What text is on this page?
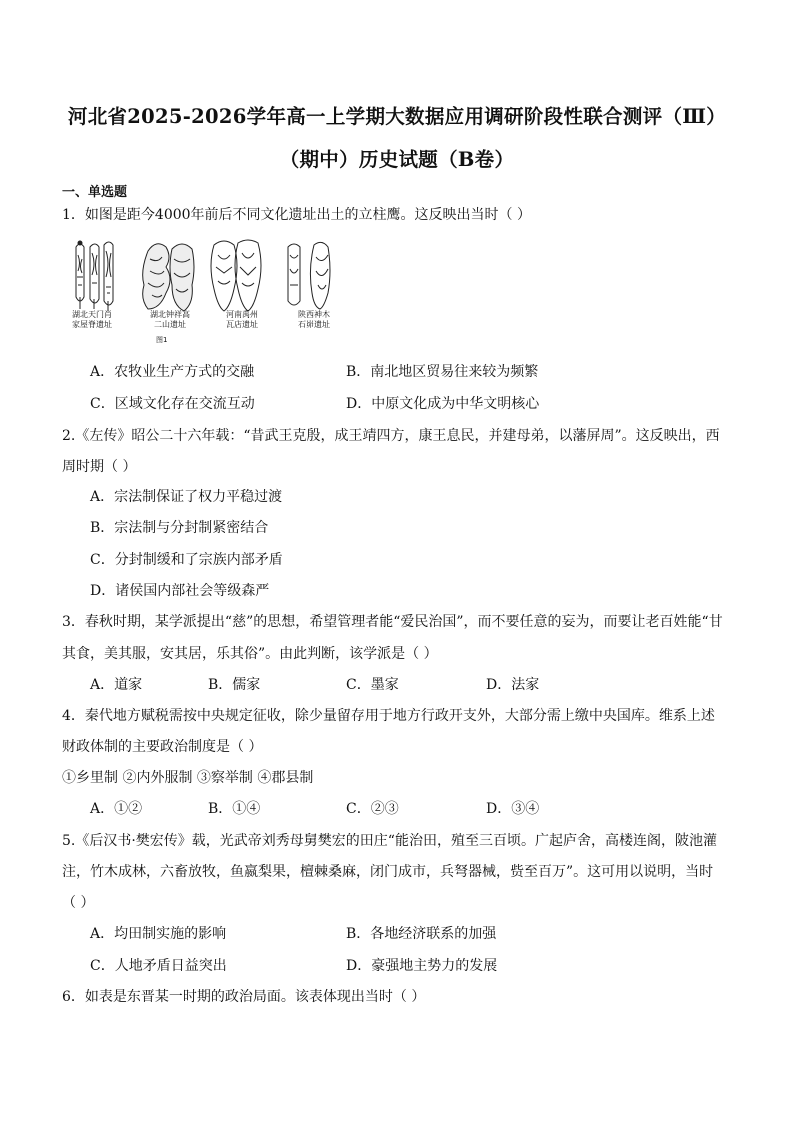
河北省2025-2026学年高一上学期大数据应用调研阶段性联合测评（Ⅲ）
（期中）历史试题（B卷）
一、单选题
1．如图是距今4000年前后不同文化遗址出土的立柱鹰。这反映出当时（ ）
湖北天门肖
家屋脊遗址
湖北钟祥高
二山遗址
河南禹州
瓦店遗址
陕西神木
石峁遗址
图1
A．农牧业生产方式的交融	B．南北地区贸易往来较为频繁
C．区域文化存在交流互动	D．中原文化成为中华文明核心
2.《左传》昭公二十六年载：“昔武王克殷，成王靖四方，康王息民，并建母弟，以藩屏周”。这反映出，西
周时期（ ）
A．宗法制保证了权力平稳过渡
B．宗法制与分封制紧密结合
C．分封制缓和了宗族内部矛盾
D．诸侯国内部社会等级森严
3．春秋时期，某学派提出“慈”的思想，希望管理者能“爱民治国”，而不要任意的妄为，而要让老百姓能“甘
其食，美其服，安其居，乐其俗”。由此判断，该学派是（ ）
A．道家	B．儒家	C．墨家	D．法家
4．秦代地方赋税需按中央规定征收，除少量留存用于地方行政开支外，大部分需上缴中央国库。维系上述
财政体制的主要政治制度是（ ）
①乡里制 ②内外服制 ③察举制 ④郡县制
A．①②	B．①④	C．②③	D．③④
5.《后汉书·樊宏传》载，光武帝刘秀母舅樊宏的田庄“能治田，殖至三百顷。广起庐舍，高楼连阁，陂池灌
注，竹木成林，六畜放牧，鱼嬴梨果，檀棘桑麻，闭门成市，兵弩器械，赀至百万”。这可用以说明，当时
（ ）
A．均田制实施的影响	B．各地经济联系的加强
C．人地矛盾日益突出	D．豪强地主势力的发展
6．如表是东晋某一时期的政治局面。该表体现出当时（ ）
